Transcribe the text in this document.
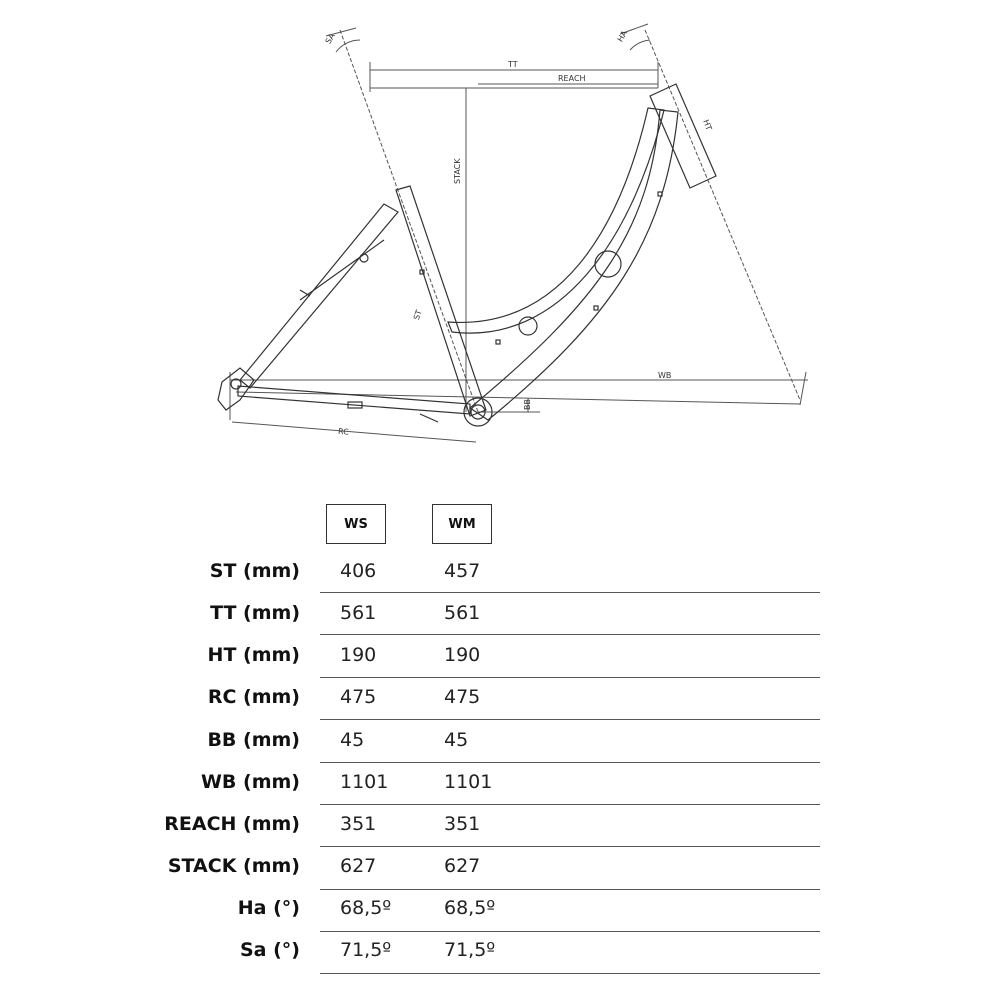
SA	HA
TT
REACH
HT
STACK
ST
WB
RC
BB
WS	WM
ST (mm) 406	457
TT (mm) 561	561
HT (mm) 190	190
RC (mm) 475	475
BB (mm) 45	45
WB (mm) 1101	1101
REACH (mm) 351	351
STACK (mm) 627	627
Ha (°) 68,5º	68,5º
Sa (°) 71,5º	71,5º
